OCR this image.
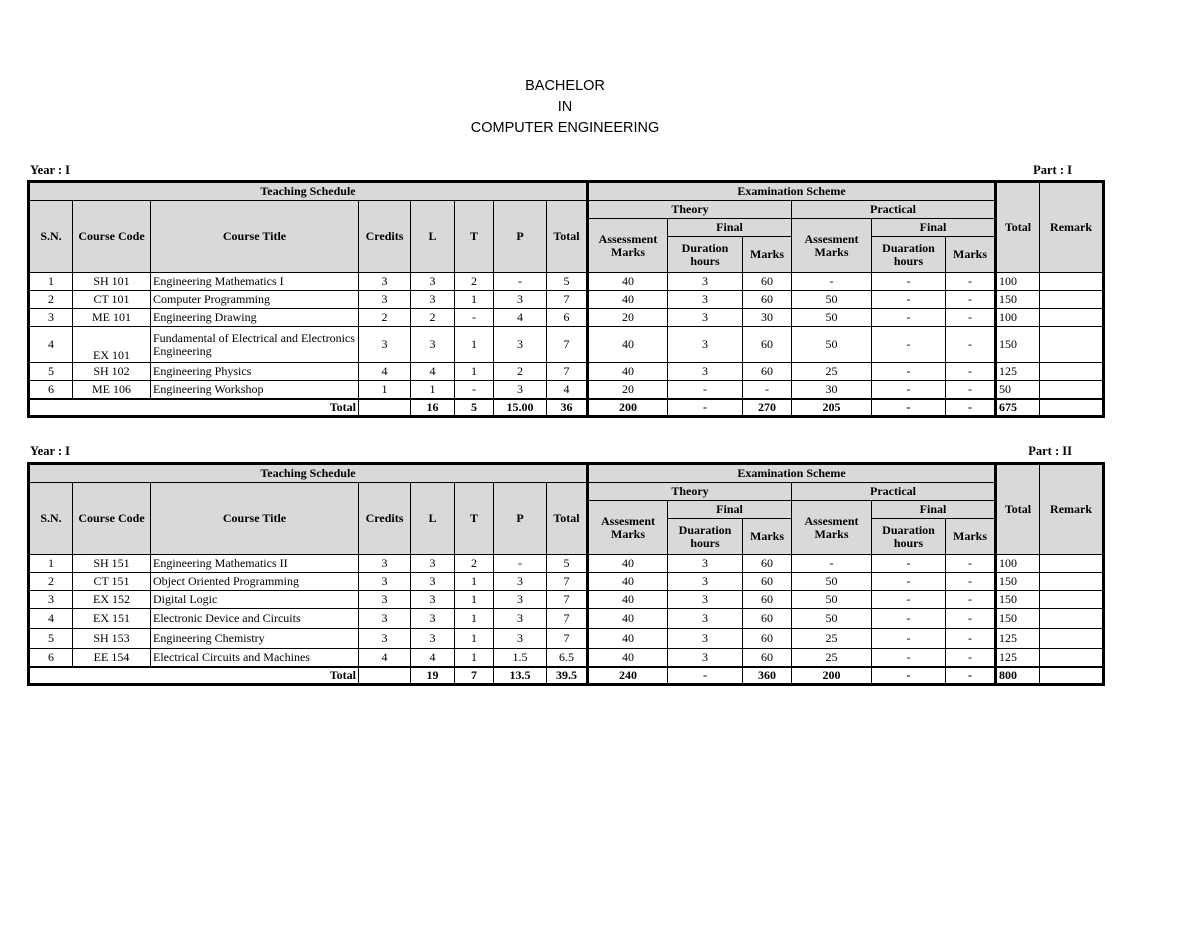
BACHELOR
IN
COMPUTER ENGINEERING
Year : I	Part : I
Teaching Schedule								Examination Scheme						Total	Remark
S.N.	Course Code	Course Title	Credits	L	T	P	Total	Theory			Practical				
								Assessment Marks	Final		Assesment Marks	Final			
									Duration hours	Marks		Duaration hours	Marks		
1	SH 101	Engineering Mathematics I	3	3	2	-	5	40	3	60	-	-	-	100	
2	CT 101	Computer Programming	3	3	1	3	7	40	3	60	50	-	-	150	
3	ME 101	Engineering Drawing	2	2	-	4	6	20	3	30	50	-	-	100	
4	EX 101	Fundamental of Electrical and Electronics Engineering	3	3	1	3	7	40	3	60	50	-	-	150	
5	SH 102	Engineering Physics	4	4	1	2	7	40	3	60	25	-	-	125	
6	ME 106	Engineering Workshop	1	1	-	3	4	20	-	-	30	-	-	50	
Total				16	5	15.00	36	200	-	270	205	-	-	675	
Year : I	Part : II
Teaching Schedule								Examination Scheme						Total	Remark
S.N.	Course Code	Course Title	Credits	L	T	P	Total	Theory			Practical				
								Assesment Marks	Final		Assesment Marks	Final			
									Duaration hours	Marks		Duaration hours	Marks		
1	SH 151	Engineering Mathematics II	3	3	2	-	5	40	3	60	-	-	-	100	
2	CT 151	Object Oriented Programming	3	3	1	3	7	40	3	60	50	-	-	150	
3	EX 152	Digital Logic	3	3	1	3	7	40	3	60	50	-	-	150	
4	EX 151	Electronic Device and Circuits	3	3	1	3	7	40	3	60	50	-	-	150	
5	SH 153	Engineering Chemistry	3	3	1	3	7	40	3	60	25	-	-	125	
6	EE 154	Electrical Circuits and Machines	4	4	1	1.5	6.5	40	3	60	25	-	-	125	
Total				19	7	13.5	39.5	240	-	360	200	-	-	800	
